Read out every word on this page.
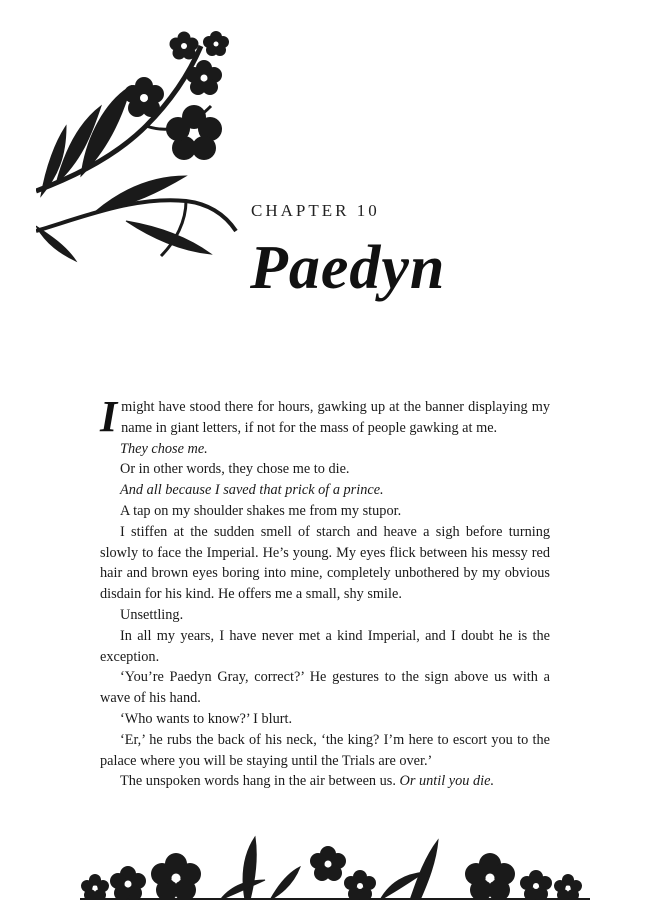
CHAPTER 10
Paedyn

I might have stood there for hours, gawking up at the banner displaying my name in giant letters, if not for the mass of people gawking at me.

They chose me.

Or in other words, they chose me to die.

And all because I saved that prick of a prince.

A tap on my shoulder shakes me from my stupor.

I stiffen at the sudden smell of starch and heave a sigh before turning slowly to face the Imperial. He’s young. My eyes flick between his messy red hair and brown eyes boring into mine, completely unbothered by my obvious disdain for his kind. He offers me a small, shy smile.

Unsettling.

In all my years, I have never met a kind Imperial, and I doubt he is the exception.

‘You’re Paedyn Gray, correct?’ He gestures to the sign above us with a wave of his hand.

‘Who wants to know?’ I blurt.

‘Er,’ he rubs the back of his neck, ‘the king? I’m here to escort you to the palace where you will be staying until the Trials are over.’

The unspoken words hang in the air between us. Or until you die.
